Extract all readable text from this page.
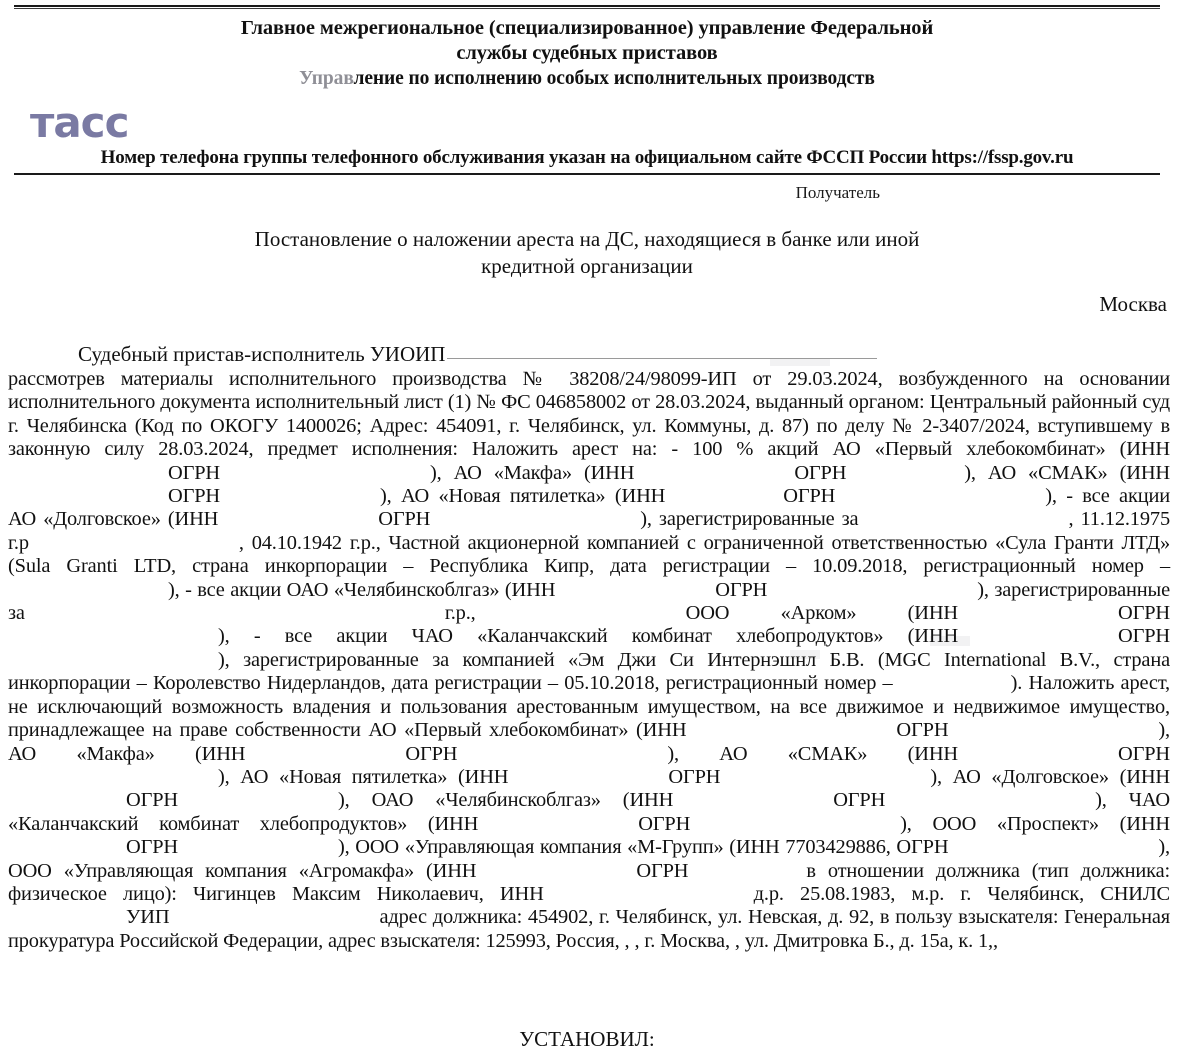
Главное межрегиональное (специализированное) управление Федеральной
службы судебных приставов
Управление по исполнению особых исполнительных производств
тасс
Номер телефона группы телефонного обслуживания указан на официальном сайте ФССП России https://fssp.gov.ru
Получатель
Постановление о наложении ареста на ДС, находящиеся в банке или иной
кредитной организации
Москва
Судебный пристав-исполнитель УИОИП

рассмотрев материалы исполнительного производства № 38208/24/98099-ИП от 29.03.2024, возбужденного на основании исполнительного документа исполнительный лист (1) № ФС 046858002 от 28.03.2024, выданный органом: Центральный районный суд г. Челябинска (Код по ОКОГУ 1400026; Адрес: 454091, г. Челябинск, ул. Коммуны, д. 87) по делу № 2-3407/2024, вступившему в законную силу 28.03.2024, предмет исполнения: Наложить арест на: - 100 % акций АО «Первый хлебокомбинат» (ИННОГРН	), АО «Макфа» (ИНН	ОГРН	), АО «СМАК» (ИННОГРН	), АО «Новая пятилетка» (ИНН	ОГРН	), - все акции АО «Долговское» (ИНН	ОГРН	), зарегистрированные за	, 11.12.1975 г.р	, 04.10.1942 г.р., Частной акционерной компанией с ограниченной ответственностью «Сула Гранти ЛТД» (Sula Granti LTD, страна инкорпорации – Республика Кипр, дата регистрации – 10.09.2018, регистрационный номер –), - все акции ОАО «Челябинскоблгаз» (ИНН	ОГРН	), зарегистрированные за	г.р.,	ООО «Арком» (ИНН	ОГРН), - все акции ЧАО «Каланчакский комбинат хлебопродуктов» (ИНН	ОГРН), зарегистрированные за компанией «Эм Джи Си Интернэшнл Б.В. (MGC International B.V., страна инкорпорации – Королевство Нидерландов, дата регистрации – 05.10.2018, регистрационный номер –	). Наложить арест, не исключающий возможность владения и пользования арестованным имуществом, на все движимое и недвижимое имущество, принадлежащее на праве собственности АО «Первый хлебокомбинат» (ИНН	ОГРН	), АО «Макфа» (ИНН	ОГРН	), АО «СМАК» (ИНН	ОГРН), АО «Новая пятилетка» (ИНН	ОГРН	), АО «Долговское» (ИННОГРН	), ОАО «Челябинскоблгаз» (ИНН	ОГРН	), ЧАО «Каланчакский комбинат хлебопродуктов» (ИНН	ОГРН	), ООО «Проспект» (ИННОГРН	), ООО «Управляющая компания «М-Групп» (ИНН 7703429886, ОГРН	), ООО «Управляющая компания «Агромакфа» (ИНН	ОГРН	в отношении должника (тип должника: физическое лицо): Чигинцев Максим Николаевич, ИНН	д.р. 25.08.1983, м.р. г. Челябинск, СНИЛСУИП	адрес должника: 454902, г. Челябинск, ул. Невская, д. 92, в пользу взыскателя: Генеральная прокуратура Российской Федерации, адрес взыскателя: 125993, Россия, , , г. Москва, , ул. Дмитровка Б., д. 15а, к. 1,,

УСТАНОВИЛ:
